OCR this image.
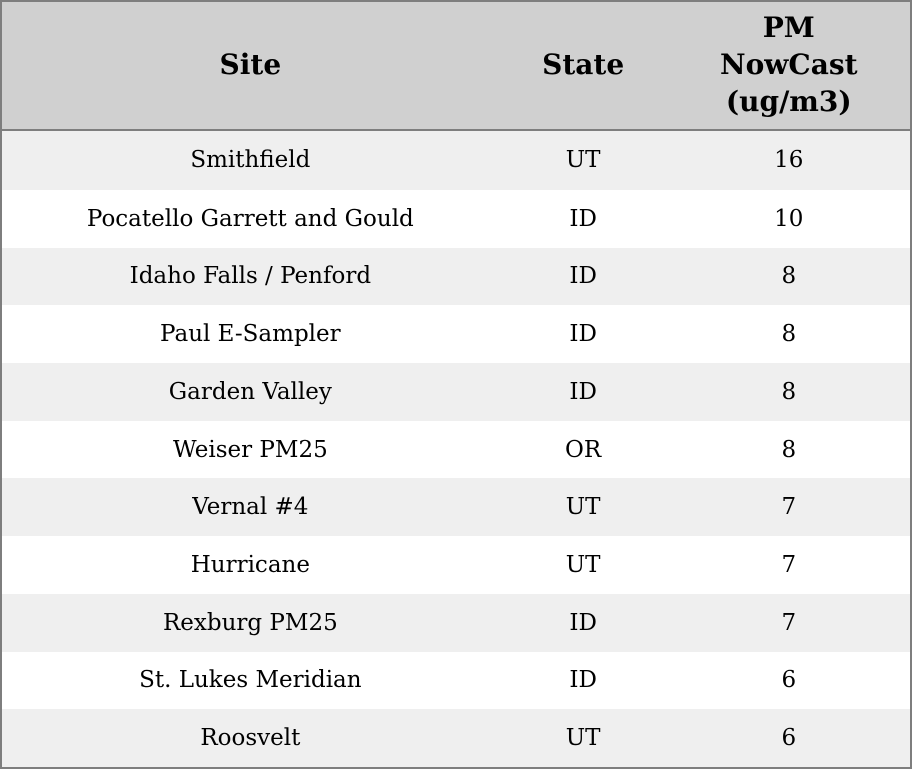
Site	State	PM NowCast (ug/m3)
Smithfield	UT	16
Pocatello Garrett and Gould	ID	10
Idaho Falls / Penford	ID	8
Paul E-Sampler	ID	8
Garden Valley	ID	8
Weiser PM25	OR	8
Vernal #4	UT	7
Hurricane	UT	7
Rexburg PM25	ID	7
St. Lukes Meridian	ID	6
Roosvelt	UT	6
